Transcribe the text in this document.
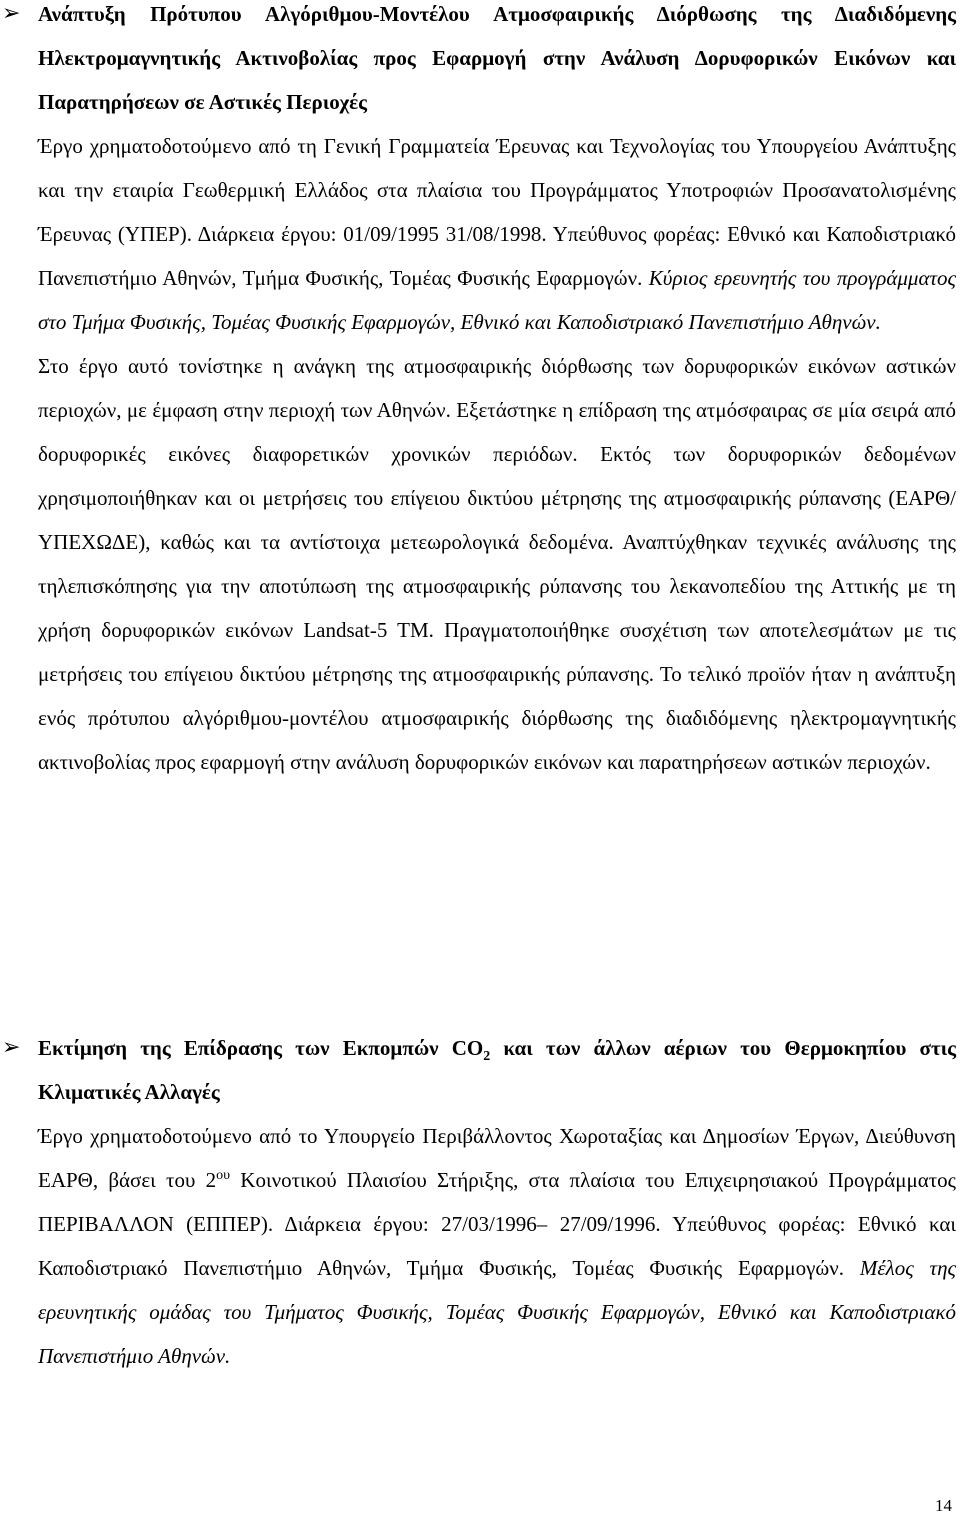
➢ Ανάπτυξη Πρότυπου Αλγόριθμου-Μοντέλου Ατμοσφαιρικής Διόρθωσης της Διαδιδόμενης Ηλεκτρομαγνητικής Ακτινοβολίας προς Εφαρμογή στην Ανάλυση Δορυφορικών Εικόνων και Παρατηρήσεων σε Αστικές Περιοχές
Έργο χρηματοδοτούμενο από τη Γενική Γραμματεία Έρευνας και Τεχνολογίας του Υπουργείου Ανάπτυξης και την εταιρία Γεωθερμική Ελλάδος στα πλαίσια του Προγράμματος Υποτροφιών Προσανατολισμένης Έρευνας (ΥΠΕΡ). Διάρκεια έργου: 01/09/1995 31/08/1998. Υπεύθυνος φορέας: Εθνικό και Καποδιστριακό Πανεπιστήμιο Αθηνών, Τμήμα Φυσικής, Τομέας Φυσικής Εφαρμογών. Κύριος ερευνητής του προγράμματος στο Τμήμα Φυσικής, Τομέας Φυσικής Εφαρμογών, Εθνικό και Καποδιστριακό Πανεπιστήμιο Αθηνών.
Στο έργο αυτό τονίστηκε η ανάγκη της ατμοσφαιρικής διόρθωσης των δορυφορικών εικόνων αστικών περιοχών, με έμφαση στην περιοχή των Αθηνών. Εξετάστηκε η επίδραση της ατμόσφαιρας σε μία σειρά από δορυφορικές εικόνες διαφορετικών χρονικών περιόδων. Εκτός των δορυφορικών δεδομένων χρησιμοποιήθηκαν και οι μετρήσεις του επίγειου δικτύου μέτρησης της ατμοσφαιρικής ρύπανσης (ΕΑΡΘ/ΥΠΕΧΩΔΕ), καθώς και τα αντίστοιχα μετεωρολογικά δεδομένα. Αναπτύχθηκαν τεχνικές ανάλυσης της τηλεπισκόπησης για την αποτύπωση της ατμοσφαιρικής ρύπανσης του λεκανοπεδίου της Αττικής με τη χρήση δορυφορικών εικόνων Landsat-5 TM. Πραγματοποιήθηκε συσχέτιση των αποτελεσμάτων με τις μετρήσεις του επίγειου δικτύου μέτρησης της ατμοσφαιρικής ρύπανσης. Το τελικό προϊόν ήταν η ανάπτυξη ενός πρότυπου αλγόριθμου-μοντέλου ατμοσφαιρικής διόρθωσης της διαδιδόμενης ηλεκτρομαγνητικής ακτινοβολίας προς εφαρμογή στην ανάλυση δορυφορικών εικόνων και παρατηρήσεων αστικών περιοχών.
➢ Εκτίμηση της Επίδρασης των Εκπομπών $CO_2$ και των άλλων αέριων του Θερμοκηπίου στις Κλιματικές Αλλαγές
Έργο χρηματοδοτούμενο από το Υπουργείο Περιβάλλοντος Χωροταξίας και Δημοσίων Έργων, Διεύθυνση ΕΑΡΘ, βάσει του $2^{o\upsilon}$ Κοινοτικού Πλαισίου Στήριξης, στα πλαίσια του Επιχειρησιακού Προγράμματος ΠΕΡΙΒΑΛΛΟΝ (ΕΠΠΕΡ). Διάρκεια έργου: 27/03/1996– 27/09/1996. Υπεύθυνος φορέας: Εθνικό και Καποδιστριακό Πανεπιστήμιο Αθηνών, Τμήμα Φυσικής, Τομέας Φυσικής Εφαρμογών. Μέλος της ερευνητικής ομάδας του Τμήματος Φυσικής, Τομέας Φυσικής Εφαρμογών, Εθνικό και Καποδιστριακό Πανεπιστήμιο Αθηνών.
14
